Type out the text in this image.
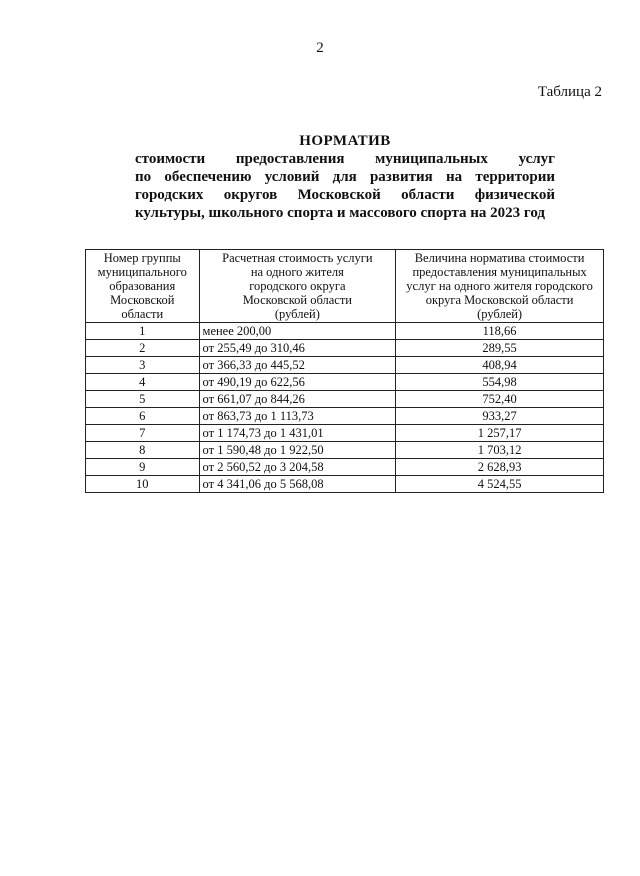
2
Таблица 2
НОРМАТИВ
стоимости предоставления муниципальных услуг
по обеспечению условий для развития на территории
городских округов Московской области физической
культуры, школьного спорта и массового спорта на 2023 год
Номер группы муниципального образования Московской области	Расчетная стоимость услуги на одного жителя городского округа Московской области (рублей)	Величина норматива стоимости предоставления муниципальных услуг на одного жителя городского округа Московской области (рублей)
1	менее 200,00	118,66
2	от 255,49 до 310,46	289,55
3	от 366,33 до 445,52	408,94
4	от 490,19 до 622,56	554,98
5	от 661,07 до 844,26	752,40
6	от 863,73 до 1 113,73	933,27
7	от 1 174,73 до 1 431,01	1 257,17
8	от 1 590,48 до 1 922,50	1 703,12
9	от 2 560,52 до 3 204,58	2 628,93
10	от 4 341,06 до 5 568,08	4 524,55
